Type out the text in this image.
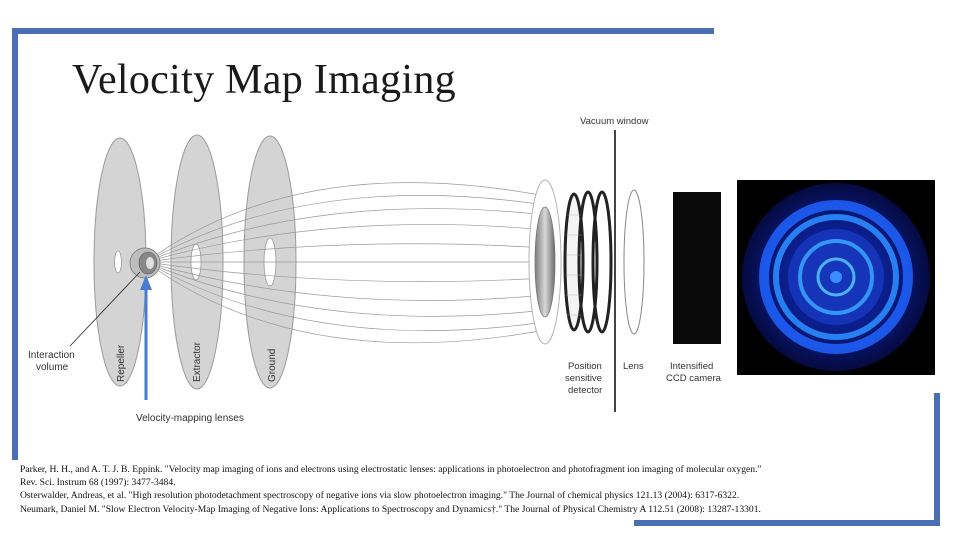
Velocity Map Imaging
Vacuum window
Interaction
volume	Repeller	Extractor	Ground
Velocity-mapping lenses
Position
sensitive
detector
Lens	Intensified
CCD camera
Parker, H. H., and A. T. J. B. Eppink. "Velocity map imaging of ions and electrons using electrostatic lenses: applications in photoelectron and photofragment ion imaging of molecular oxygen."
Rev. Sci. Instrum 68 (1997): 3477-3484.
Osterwalder, Andreas, et al. "High resolution photodetachment spectroscopy of negative ions via slow photoelectron imaging." The Journal of chemical physics 121.13 (2004): 6317-6322.
Neumark, Daniel M. "Slow Electron Velocity-Map Imaging of Negative Ions: Applications to Spectroscopy and Dynamics†." The Journal of Physical Chemistry A 112.51 (2008): 13287-13301.
